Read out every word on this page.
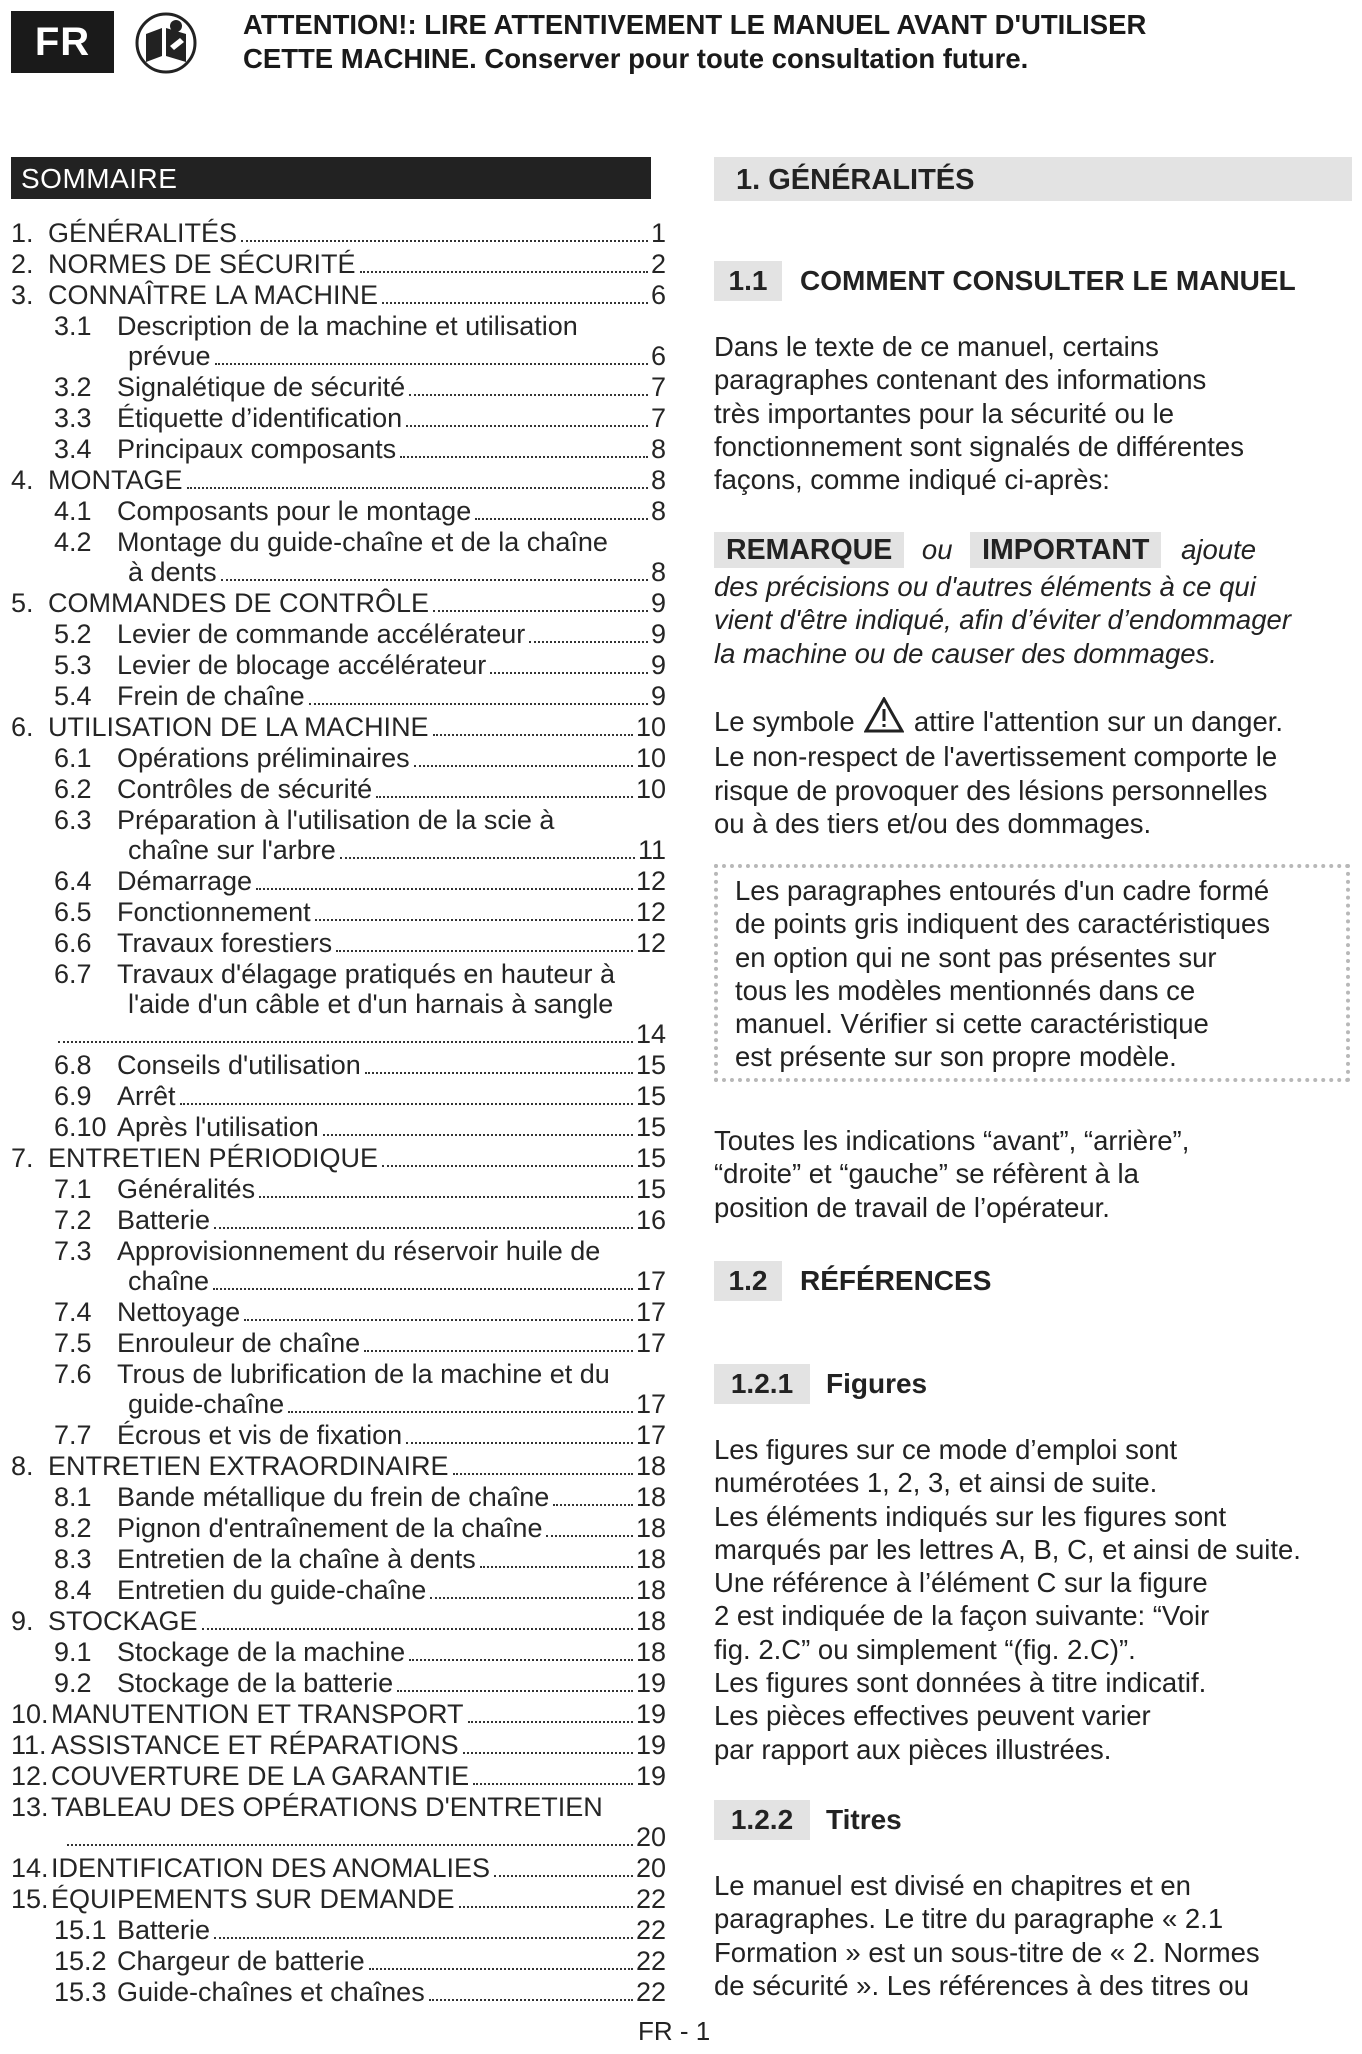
FR	ATTENTION!: LIRE ATTENTIVEMENT LE MANUEL AVANT D'UTILISER
CETTE MACHINE. Conserver pour toute consultation future.
SOMMAIRE
1. GÉNÉRALITÉS	1
2. NORMES DE SÉCURITÉ	2
3. CONNAÎTRE LA MACHINE	6
3.1 Description de la machine et utilisation
prévue	6
3.2 Signalétique de sécurité	7
3.3 Étiquette d’identification	7
3.4 Principaux composants	8
4. MONTAGE	8
4.1 Composants pour le montage	8
4.2 Montage du guide-chaîne et de la chaîne
à dents	8
5. COMMANDES DE CONTRÔLE	9
5.2 Levier de commande accélérateur	9
5.3 Levier de blocage accélérateur	9
5.4 Frein de chaîne	9
6. UTILISATION DE LA MACHINE	10
6.1 Opérations préliminaires	10
6.2 Contrôles de sécurité	10
6.3 Préparation à l'utilisation de la scie à
chaîne sur l'arbre	11
6.4 Démarrage	12
6.5 Fonctionnement	12
6.6 Travaux forestiers	12
6.7 Travaux d'élagage pratiqués en hauteur à
l'aide d'un câble et d'un harnais à sangle
14
6.8 Conseils d'utilisation	15
6.9 Arrêt	15
6.10 Après l'utilisation	15
7. ENTRETIEN PÉRIODIQUE	15
7.1 Généralités	15
7.2 Batterie	16
7.3 Approvisionnement du réservoir huile de
chaîne	17
7.4 Nettoyage	17
7.5 Enrouleur de chaîne	17
7.6 Trous de lubrification de la machine et du
guide-chaîne	17
7.7 Écrous et vis de fixation	17
8. ENTRETIEN EXTRAORDINAIRE	18
8.1 Bande métallique du frein de chaîne	18
8.2 Pignon d'entraînement de la chaîne	18
8.3 Entretien de la chaîne à dents	18
8.4 Entretien du guide-chaîne	18
9. STOCKAGE	18
9.1 Stockage de la machine	18
9.2 Stockage de la batterie	19
10. MANUTENTION ET TRANSPORT	19
11. ASSISTANCE ET RÉPARATIONS	19
12. COUVERTURE DE LA GARANTIE	19
13. TABLEAU DES OPÉRATIONS D'ENTRETIEN
20
14. IDENTIFICATION DES ANOMALIES	20
15. ÉQUIPEMENTS SUR DEMANDE	22
15.1 Batterie	22
15.2 Chargeur de batterie	22
15.3 Guide-chaînes et chaînes	22
1. GÉNÉRALITÉS
1.1	COMMENT CONSULTER LE MANUEL
Dans le texte de ce manuel, certains
paragraphes contenant des informations
très importantes pour la sécurité ou le
fonctionnement sont signalés de différentes
façons, comme indiqué ci-après:
REMARQUE ou IMPORTANT ajoute
des précisions ou d'autres éléments à ce qui
vient d'être indiqué, afin d’éviter d’endommager
la machine ou de causer des dommages.
Le symbole attire l'attention sur un danger.
Le non-respect de l'avertissement comporte le
risque de provoquer des lésions personnelles
ou à des tiers et/ou des dommages.
Les paragraphes entourés d'un cadre formé
de points gris indiquent des caractéristiques
en option qui ne sont pas présentes sur
tous les modèles mentionnés dans ce
manuel. Vérifier si cette caractéristique
est présente sur son propre modèle.
Toutes les indications “avant”, “arrière”,
“droite” et “gauche” se réfèrent à la
position de travail de l’opérateur.
1.2	RÉFÉRENCES
1.2.1	Figures
Les figures sur ce mode d’emploi sont
numérotées 1, 2, 3, et ainsi de suite.
Les éléments indiqués sur les figures sont
marqués par les lettres A, B, C, et ainsi de suite.
Une référence à l’élément C sur la figure
2 est indiquée de la façon suivante: “Voir
fig. 2.C” ou simplement “(fig. 2.C)”.
Les figures sont données à titre indicatif.
Les pièces effectives peuvent varier
par rapport aux pièces illustrées.
1.2.2	Titres
Le manuel est divisé en chapitres et en
paragraphes. Le titre du paragraphe « 2.1
Formation » est un sous-titre de « 2. Normes
de sécurité ». Les références à des titres ou
FR - 1
